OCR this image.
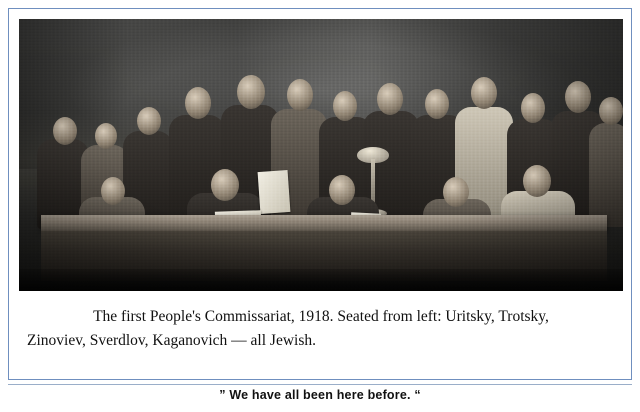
The first People's Commissariat, 1918. Seated from left: Uritsky, Trotsky,
Zinoviev, Sverdlov, Kaganovich — all Jewish.
” We have all been here before. “
